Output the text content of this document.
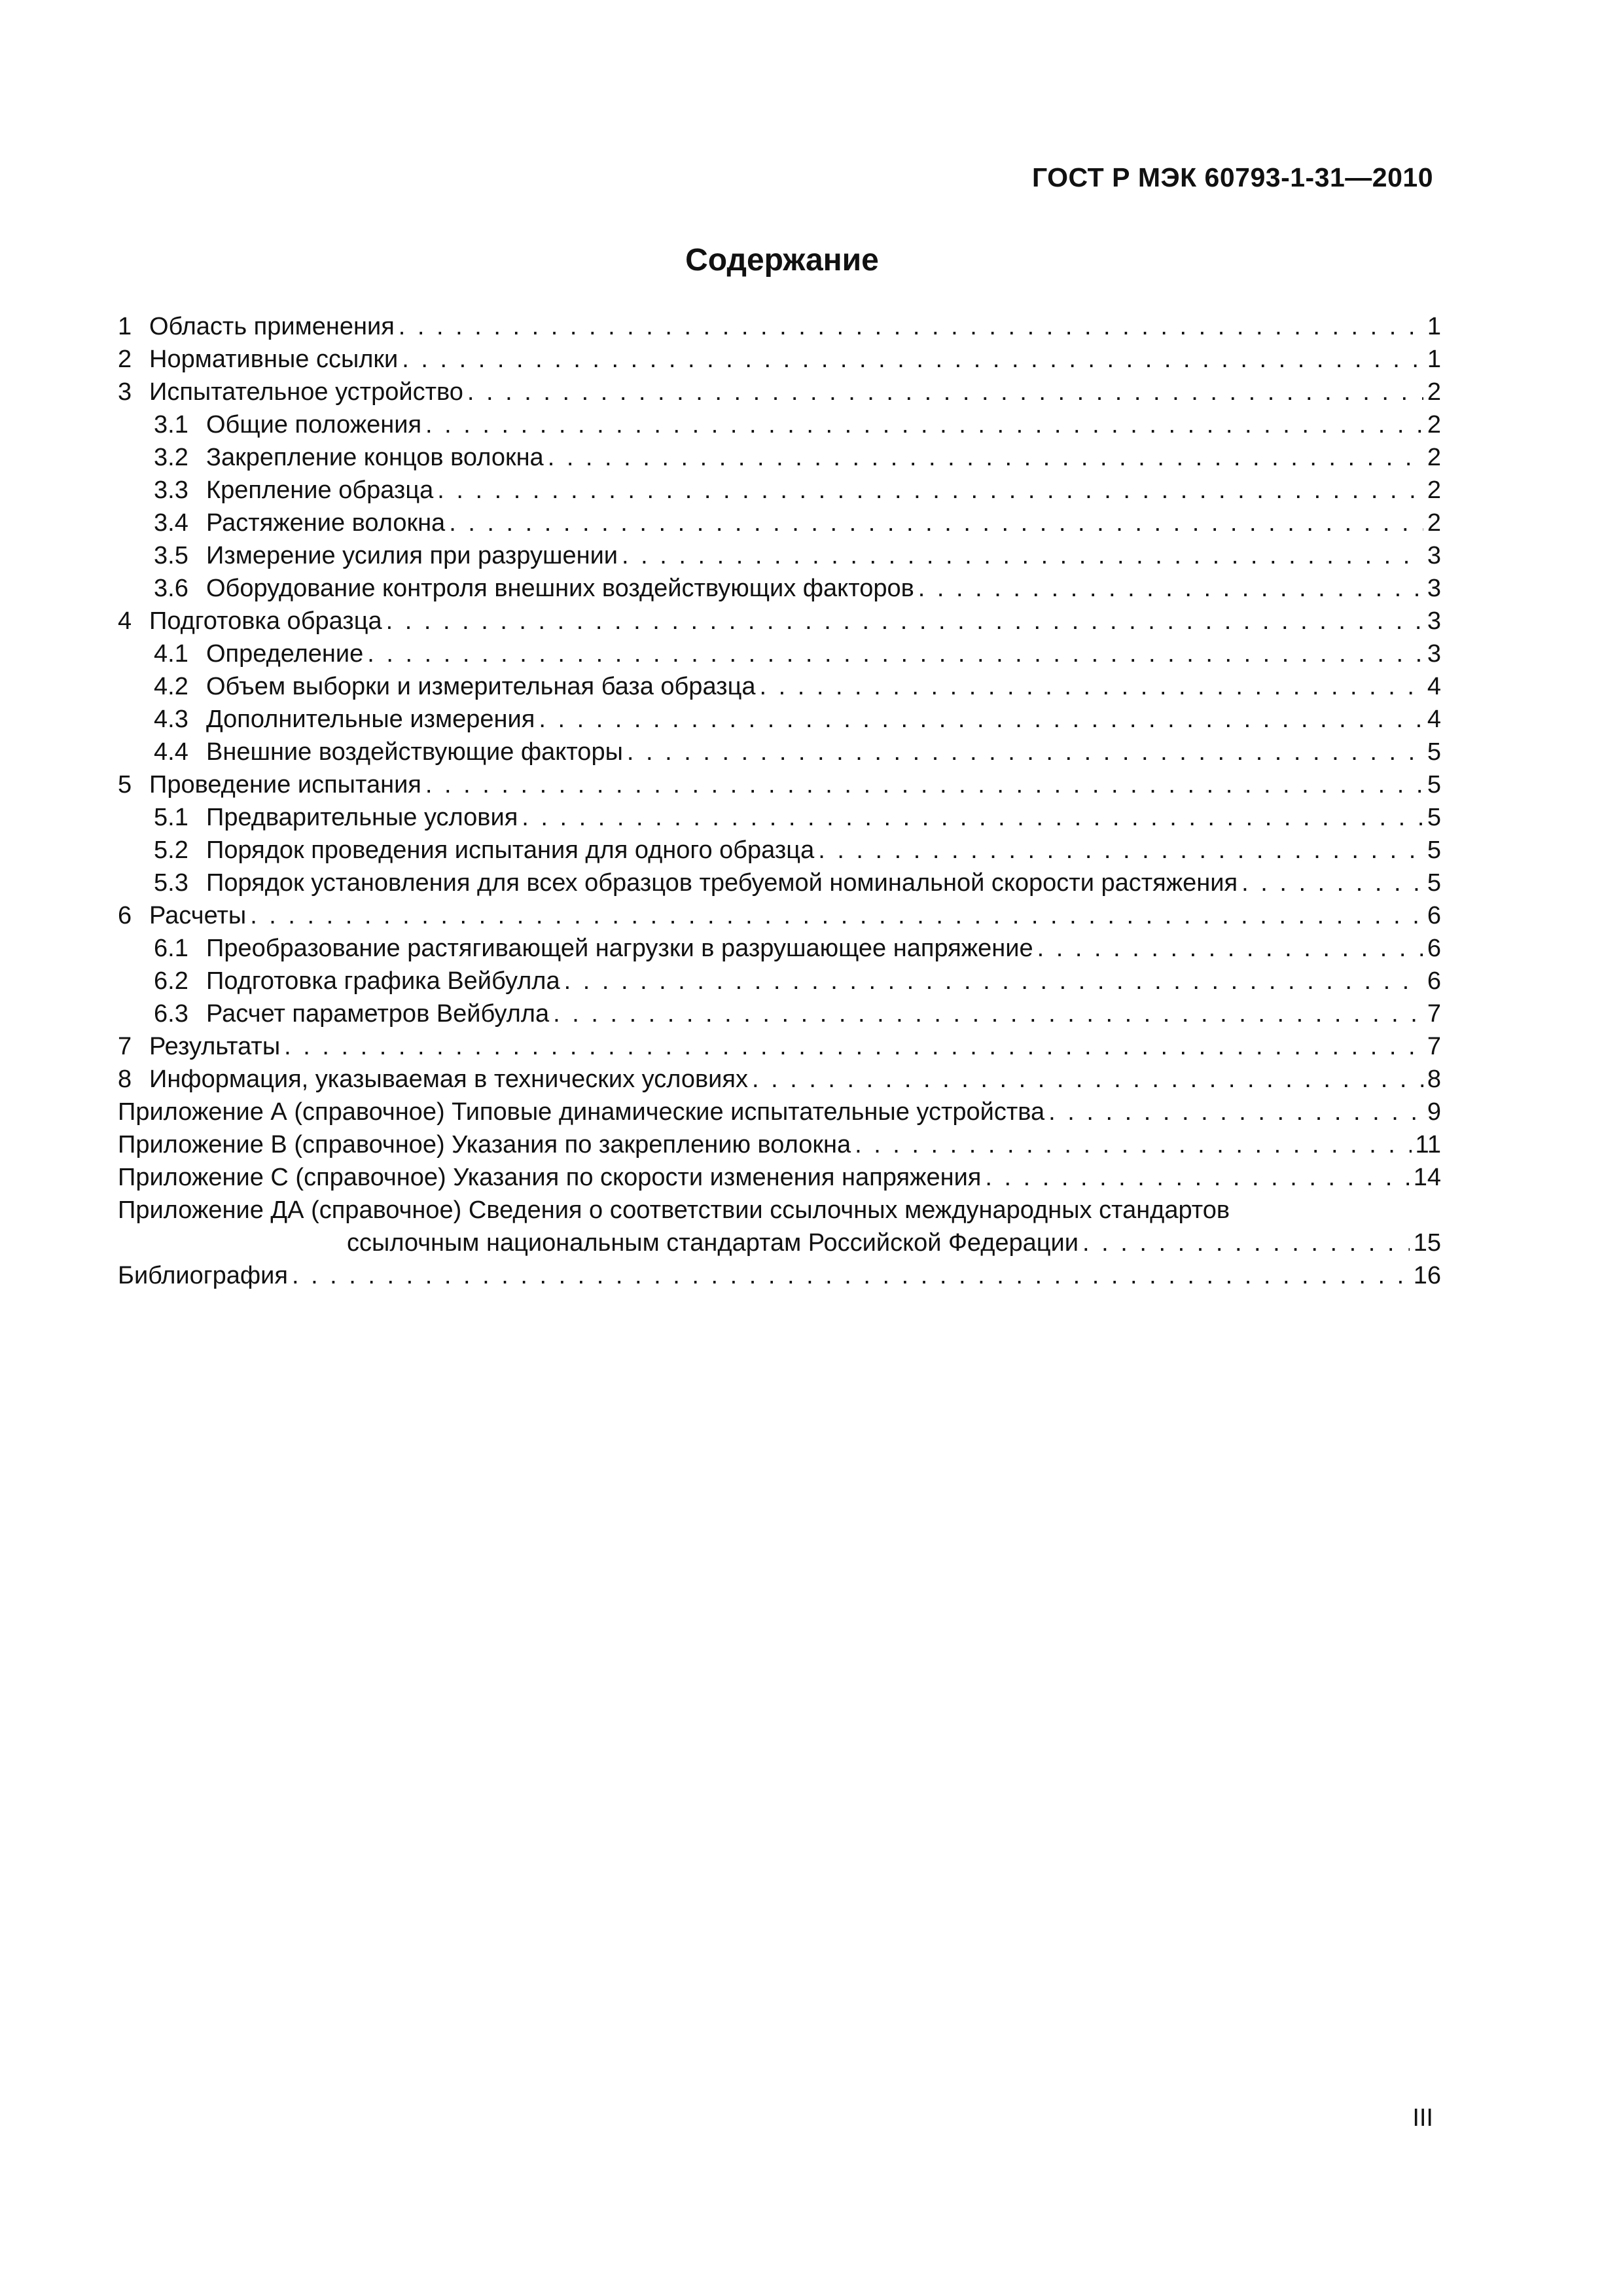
ГОСТ Р МЭК 60793-1-31—2010
Содержание
1 Область применения . . .	1
2 Нормативные ссылки . . .	1
3 Испытательное устройство . . .	2
3.1 Общие положения . . .	2
3.2 Закрепление концов волокна . . .	2
3.3 Крепление образца . . .	2
3.4 Растяжение волокна . . .	2
3.5 Измерение усилия при разрушении . . .	3
3.6 Оборудование контроля внешних воздействующих факторов . . .	3
4 Подготовка образца . . .	3
4.1 Определение . . .	3
4.2 Объем выборки и измерительная база образца . . .	4
4.3 Дополнительные измерения . . .	4
4.4 Внешние воздействующие факторы . . .	5
5 Проведение испытания . . .	5
5.1 Предварительные условия . . .	5
5.2 Порядок проведения испытания для одного образца . . .	5
5.3 Порядок установления для всех образцов требуемой номинальной скорости растяжения . . .	5
6 Расчеты . . .	6
6.1 Преобразование растягивающей нагрузки в разрушающее напряжение . . .	6
6.2 Подготовка графика Вейбулла . . .	6
6.3 Расчет параметров Вейбулла . . .	7
7 Результаты . . .	7
8 Информация, указываемая в технических условиях . . .	8
Приложение А (справочное) Типовые динамические испытательные устройства . . .	9
Приложение В (справочное) Указания по закреплению волокна . . .	11
Приложение С (справочное) Указания по скорости изменения напряжения . . .	14
Приложение ДА (справочное) Сведения о соответствии ссылочных международных стандартов
ссылочным национальным стандартам Российской Федерации . . .	15
Библиография . . .	16
III
